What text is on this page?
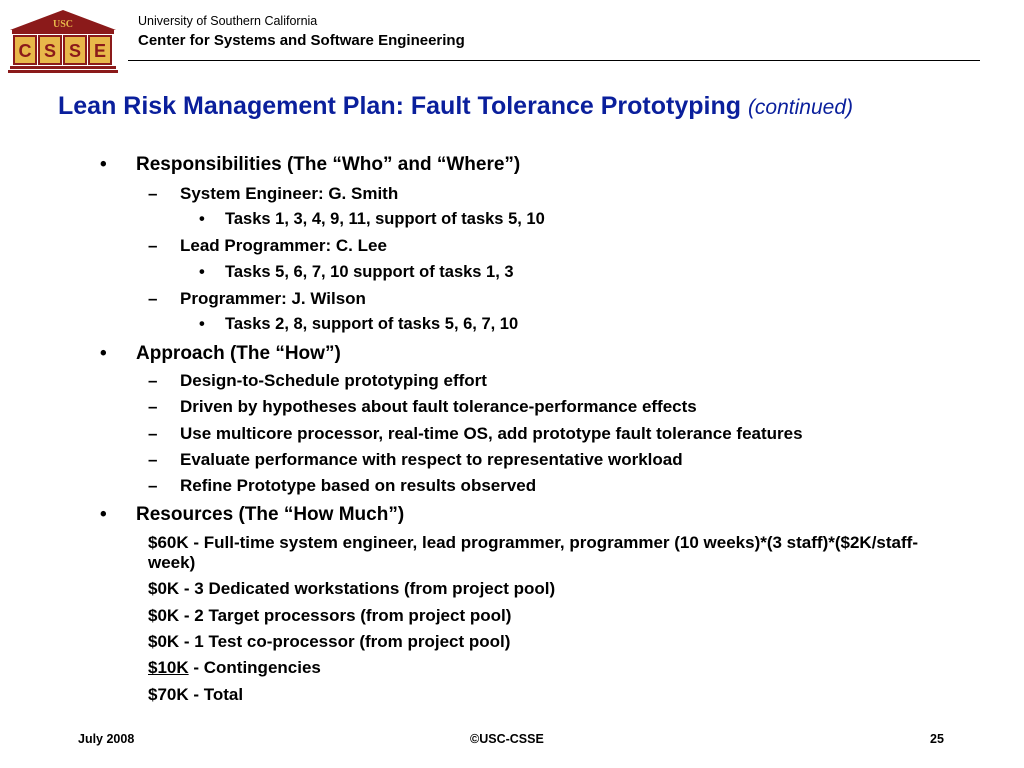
USC
C S S E
University of Southern California
Center for Systems and Software Engineering
Lean Risk Management Plan: Fault Tolerance Prototyping (continued)
• Responsibilities (The “Who” and “Where”)
– System Engineer: G. Smith
• Tasks 1, 3, 4, 9, 11, support of tasks 5, 10
– Lead Programmer: C. Lee
• Tasks 5, 6, 7, 10 support of tasks 1, 3
– Programmer: J. Wilson
• Tasks 2, 8, support of tasks 5, 6, 7, 10
• Approach (The “How”)
– Design-to-Schedule prototyping effort
– Driven by hypotheses about fault tolerance-performance effects
– Use multicore processor, real-time OS, add prototype fault tolerance features
– Evaluate performance with respect to representative workload
– Refine Prototype based on results observed
• Resources (The “How Much”)
$60K - Full-time system engineer, lead programmer, programmer (10 weeks)*(3 staff)*($2K/staff-week)
$0K - 3 Dedicated workstations (from project pool)
$0K - 2 Target processors (from project pool)
$0K - 1 Test co-processor (from project pool)
$10K - Contingencies
$70K - Total
July 2008	©USC-CSSE	25
